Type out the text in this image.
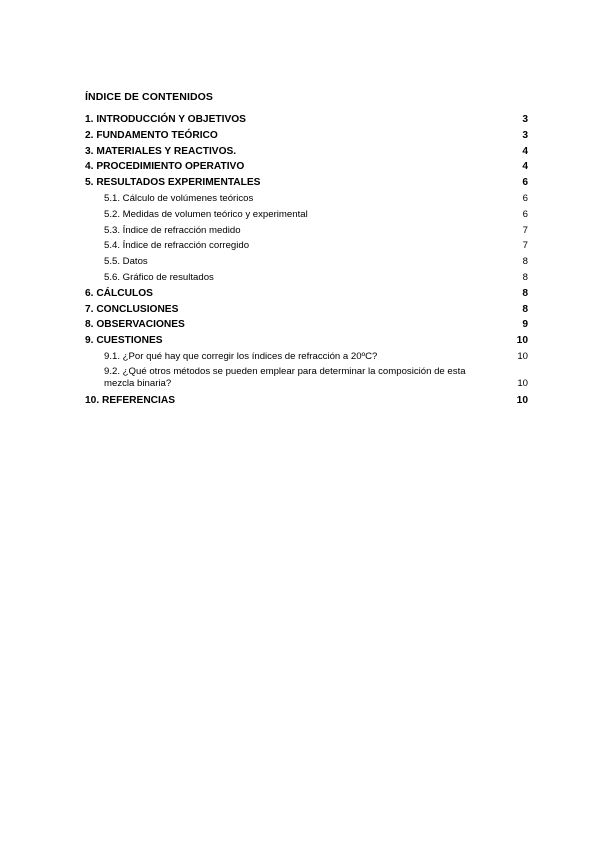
ÍNDICE DE CONTENIDOS
1. INTRODUCCIÓN Y OBJETIVOS	3
2. FUNDAMENTO TEÓRICO	3
3. MATERIALES Y REACTIVOS.	4
4. PROCEDIMIENTO OPERATIVO	4
5. RESULTADOS EXPERIMENTALES	6
5.1. Cálculo de volúmenes teóricos	6
5.2. Medidas de volumen teórico y experimental	6
5.3. Índice de refracción medido	7
5.4. Índice de refracción corregido	7
5.5. Datos	8
5.6. Gráfico de resultados	8
6. CÁLCULOS	8
7. CONCLUSIONES	8
8. OBSERVACIONES	9
9. CUESTIONES	10
9.1. ¿Por qué hay que corregir los índices de refracción a 20ºC?	10
9.2. ¿Qué otros métodos se pueden emplear para determinar la composición de esta
mezcla binaria?	10
10. REFERENCIAS	10
